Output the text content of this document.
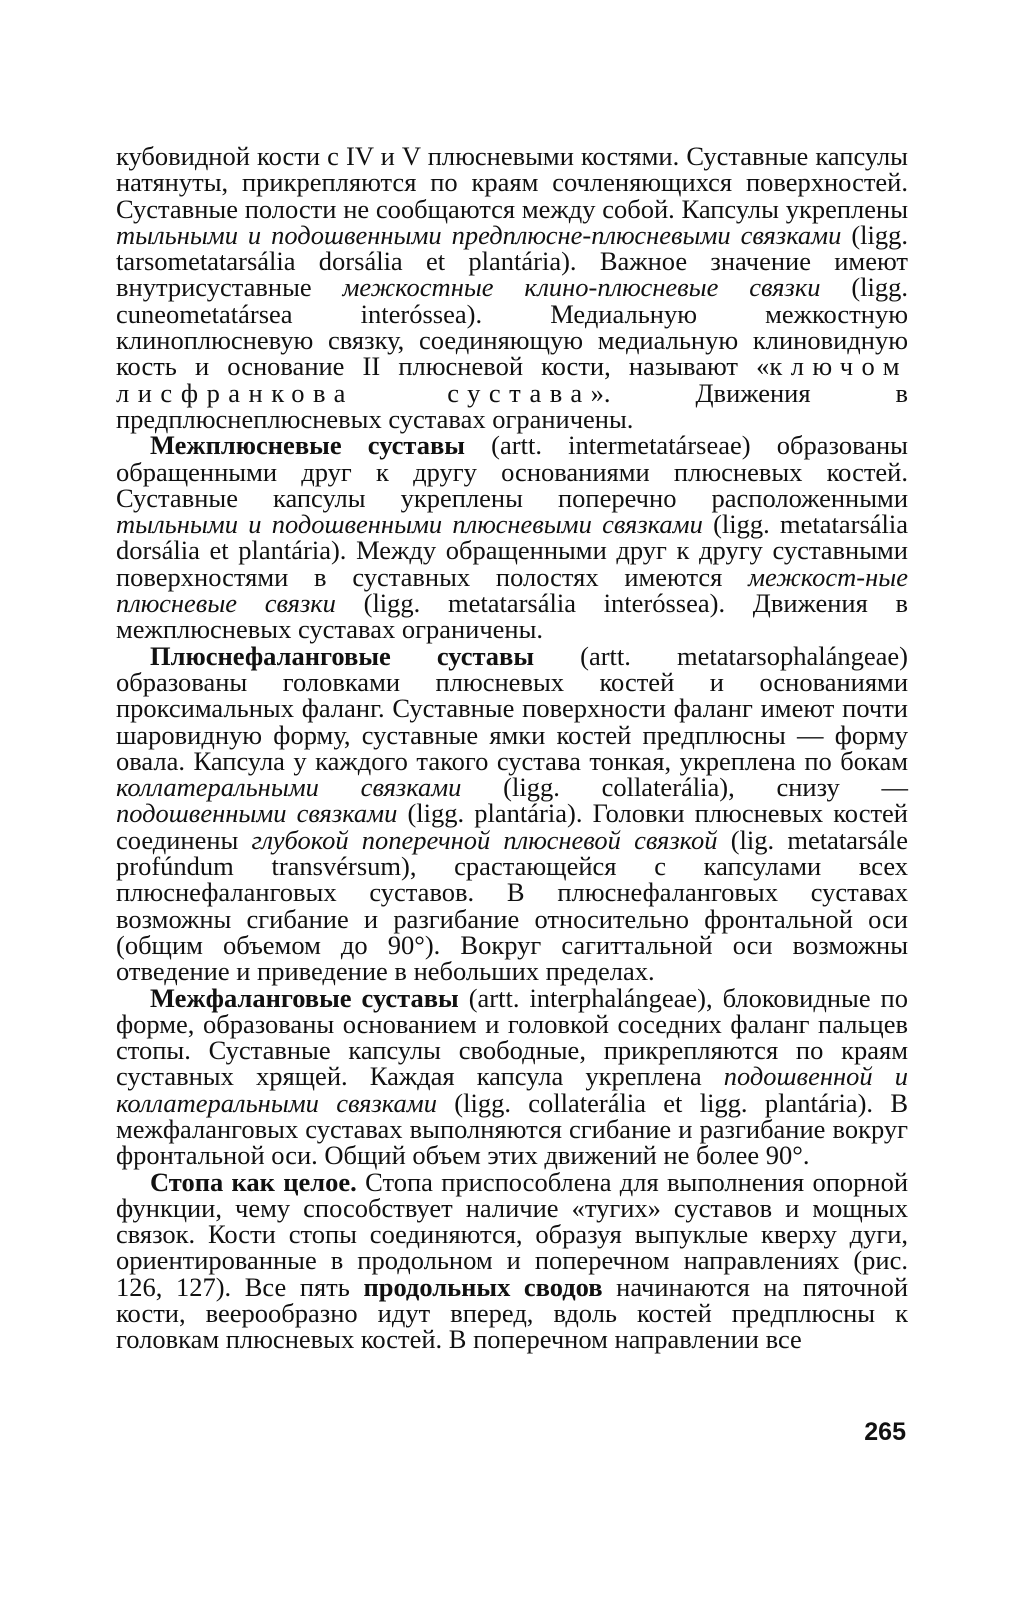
кубовидной кости с IV и V плюсневыми костями. Суставные капсулы натянуты, прикрепляются по краям сочленяющихся поверхностей. Суставные полости не сообщаются между собой. Капсулы укреплены тыльными и подошвенными предплюсне-плюсневыми связками (ligg. tarsometatarsália dorsália et plantária). Важное значение имеют внутрисуставные межкостные клино-плюсневые связки (ligg. cuneometatársea interóssea). Медиальную межкостную клиноплюсневую связку, соединяющую медиальную клиновидную кость и основание II плюсневой кости, называют «ключом лисфранкова сустава». Движения в предплюснеплюсневых суставах ограничены.

Межплюсневые суставы (artt. intermetatárseae) образованы обращенными друг к другу основаниями плюсневых костей. Суставные капсулы укреплены поперечно расположенными тыльными и подошвенными плюсневыми связками (ligg. metatarsália dorsália et plantária). Между обращенными друг к другу суставными поверхностями в суставных полостях имеются межкост-ные плюсневые связки (ligg. metatarsália interóssea). Движения в межплюсневых суставах ограничены.

Плюснефаланговые суставы (artt. metatarsophalángeae) образованы головками плюсневых костей и основаниями проксимальных фаланг. Суставные поверхности фаланг имеют почти шаровидную форму, суставные ямки костей предплюсны — форму овала. Капсула у каждого такого сустава тонкая, укреплена по бокам коллатеральными связками (ligg. collaterália), снизу — подошвенными связками (ligg. plantária). Головки плюсневых костей соединены глубокой поперечной плюсневой связкой (lig. metatarsále profúndum transvérsum), срастающейся с капсулами всех плюснефаланговых суставов. В плюснефаланговых суставах возможны сгибание и разгибание относительно фронтальной оси (общим объемом до 90°). Вокруг сагиттальной оси возможны отведение и приведение в небольших пределах.

Межфаланговые суставы (artt. interphalángeae), блоковидные по форме, образованы основанием и головкой соседних фаланг пальцев стопы. Суставные капсулы свободные, прикрепляются по краям суставных хрящей. Каждая капсула укреплена подошвенной и коллатеральными связками (ligg. collaterália et ligg. plantária). В межфаланговых суставах выполняются сгибание и разгибание вокруг фронтальной оси. Общий объем этих движений не более 90°.

Стопа как целое. Стопа приспособлена для выполнения опорной функции, чему способствует наличие «тугих» суставов и мощных связок. Кости стопы соединяются, образуя выпуклые кверху дуги, ориентированные в продольном и поперечном направлениях (рис. 126, 127). Все пять продольных сводов начинаются на пяточной кости, веерообразно идут вперед, вдоль костей предплюсны к головкам плюсневых костей. В поперечном направлении все

265
